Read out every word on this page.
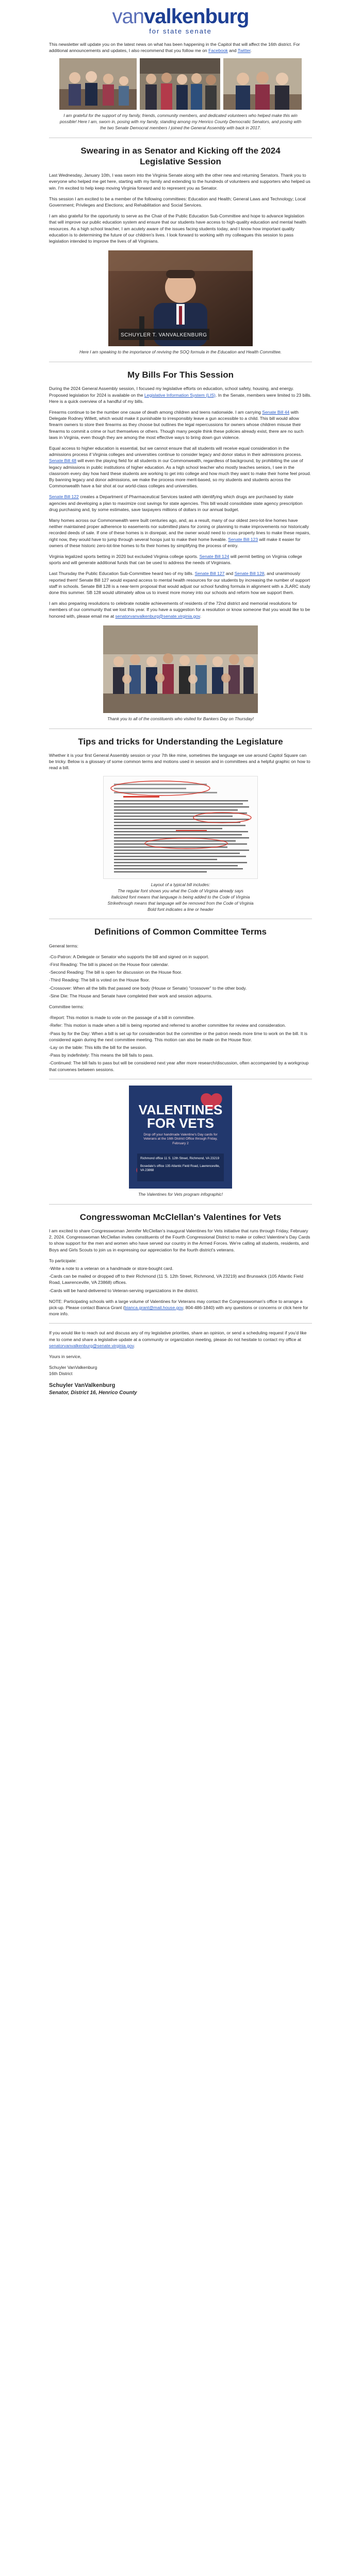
vanvalkenburg
for state senate

This newsletter will update you on the latest news on what has been happening in the Capitol that will affect the 16th district. For additional announcements and updates, I also recommend that you follow me on Facebook and Twitter.

I am grateful for the support of my family, friends, community members, and dedicated volunteers who helped make this win possible! Here I am, sworn in, posing with my family, standing among my Henrico County Democratic Senators, and posing with the two Senate Democrat members I joined the General Assembly with back in 2017.

Swearing in as Senator and Kicking off the 2024 Legislative Session

Last Wednesday, January 10th, I was sworn into the Virginia Senate along with the other new and returning Senators. Thank you to everyone who helped me get here, starting with my family and extending to the hundreds of volunteers and supporters who helped us win. I'm excited to help keep moving Virginia forward and to represent you as Senator.

This session I am excited to be a member of the following committees: Education and Health; General Laws and Technology; Local Government; Privileges and Elections; and Rehabilitation and Social Services.

I am also grateful for the opportunity to serve as the Chair of the Public Education Sub-Committee and hope to advance legislation that will improve our public education system and ensure that our students have access to high-quality education and mental health resources. As a high school teacher, I am acutely aware of the issues facing students today, and I know how important quality education is to determining the future of our children's lives. I look forward to working with my colleagues this session to pass legislation intended to improve the lives of all Virginians.

SCHUYLER T. VANVALKENBURG

Here I am speaking to the importance of reviving the SOQ formula in the Education and Health Committee.

My Bills For This Session

During the 2024 General Assembly session, I focused my legislative efforts on education, school safety, housing, and energy. Proposed legislation for 2024 is available on the Legislative Information System (LIS). In the Senate, members were limited to 23 bills. Here is a quick overview of a handful of my bills.

Firearms continue to be the number one cause of death among children and teens nationwide. I am carrying Senate Bill 44 with Delegate Rodney Willett, which would make it punishable to irresponsibly leave a gun accessible to a child. This bill would allow firearm owners to store their firearms as they choose but outlines the legal repercussions for owners whose children misuse their firearms to commit a crime or hurt themselves or others. Though many people think these policies already exist, there are no such laws in Virginia, even though they are among the most effective ways to bring down gun violence.

Equal access to higher education is essential, but we cannot ensure that all students will receive equal consideration in the admissions process if Virginia colleges and universities continue to consider legacy and donor status in their admissions process. Senate Bill 48 will even the playing field for all students in our Commonwealth, regardless of background, by prohibiting the use of legacy admissions in public institutions of higher education. As a high school teacher who mostly teaches seniors, I see in the classroom every day how hard these students are working to get into college and how much they want to make their home feel proud. By banning legacy and donor admissions, we make the process more merit-based, so my students and students across the Commonwealth have a fair shot at our world-class colleges and universities.

Senate Bill 122 creates a Department of Pharmaceutical Services tasked with identifying which drugs are purchased by state agencies and developing a plan to maximize cost savings for state agencies. This bill would consolidate state agency prescription drug purchasing and, by some estimates, save taxpayers millions of dollars in our annual budget.

Many homes across our Commonwealth were built centuries ago, and, as a result, many of our oldest zero-lot-line homes have neither maintained proper adherence to easements nor submitted plans for zoning or planning to make improvements nor historically recorded deeds of sale. If one of these homes is in disrepair, and the owner would need to cross property lines to make these repairs, right now, they would have to jump through several hoops just to make their home liveable. Senate Bill 123 will make it easier for owners of these historic zero-lot-line homes to fix their homes by simplifying the process of entry.

Virginia legalized sports betting in 2020 but excluded Virginia college sports. Senate Bill 124 will permit betting on Virginia college sports and will generate additional funds that can be used to address the needs of Virginians.

Last Thursday the Public Education Sub-Committee heard two of my bills. Senate Bill 127 and Senate Bill 128, and unanimously reported them! Senate Bill 127 would expand access to mental health resources for our students by increasing the number of support staff in schools. Senate Bill 128 is a near-term proposal that would adjust our school funding formula in alignment with a JLARC study done this summer. SB 128 would ultimately allow us to invest more money into our schools and reform how we support them.

I am also preparing resolutions to celebrate notable achievements of residents of the 72nd district and memorial resolutions for members of our community that we lost this year. If you have a suggestion for a resolution or know someone that you would like to be honored with, please email me at senatorvanvalkenburg@senate.virginia.gov.

Thank you to all of the constituents who visited for Bankers Day on Thursday!

Tips and tricks for Understanding the Legislature

Whether it is your first General Assembly session or your 7th like mine, sometimes the language we use around Capitol Square can be tricky. Below is a glossary of some common terms and motions used in session and in committees and a helpful graphic on how to read a bill.

Layout of a typical bill includes:
The regular font shows you what the Code of Virginia already says
Italicized font means that language is being added to the Code of Virginia
Strikethrough means that language will be removed from the Code of Virginia
Bold font indicates a line or header
Definitions of Common Committee Terms

General terms:

-Co-Patron: A Delegate or Senator who supports the bill and signed on in support.

-First Reading: The bill is placed on the House floor calendar.

-Second Reading: The bill is open for discussion on the House floor.

-Third Reading: The bill is voted on the House floor.

-Crossover: When all the bills that passed one body (House or Senate) "crossover" to the other body.

-Sine Die: The House and Senate have completed their work and session adjourns.

Committee terms:

-Report: This motion is made to vote on the passage of a bill in committee.

-Refer: This motion is made when a bill is being reported and referred to another committee for review and consideration.

-Pass by for the Day: When a bill is set up for consideration but the committee or the patron needs more time to work on the bill. It is considered again during the next committee meeting. This motion can also be made on the House floor.

-Lay on the table: This kills the bill for the session.

-Pass by indefinitely: This means the bill fails to pass.

-Continued: The bill fails to pass but will be considered next year after more research/discussion, often accompanied by a workgroup that convenes between sessions.

VALENTINES
FOR VETS
Drop off your handmade Valentine's Day cards for Veterans at the 16th District Office through Friday, February 2
Richmond office 11 S. 12th Street, Richmond, VA 23219
Bosedale's office 135 Atlantic Field Road, Lawrenceville, VA 23868

The Valentines for Vets program infographic!

Congresswoman McClellan's Valentines for Vets

I am excited to share Congresswoman Jennifer McClellan's inaugural Valentines for Vets initiative that runs through Friday, February 2, 2024. Congresswoman McClellan invites constituents of the Fourth Congressional District to make or collect Valentine's Day Cards to show support for the men and women who have served our country in the Armed Forces. We're calling all students, residents, and Boys and Girls Scouts to join us in expressing our appreciation for the fourth district's veterans.

To participate:

-Write a note to a veteran on a handmade or store-bought card.

-Cards can be mailed or dropped off to their Richmond (11 S. 12th Street, Richmond, VA 23219) and Brunswick (105 Atlantic Field Road, Lawrenceville, VA 23868) offices.

-Cards will be hand-delivered to Veteran-serving organizations in the district.

NOTE: Participating schools with a large volume of Valentines for Veterans may contact the Congresswoman's office to arrange a pick-up. Please contact Bianca Grant (bianca.grant@mail.house.gov, 804-486-1840) with any questions or concerns or click here for more info.

If you would like to reach out and discuss any of my legislative priorities, share an opinion, or send a scheduling request if you'd like me to come and share a legislative update at a community or organization meeting, please do not hesitate to contact my office at senatorvanvalkenburg@senate.virginia.gov.

Yours in service,

Schuyler VanValkenburg
16th District
Schuyler VanValkenburg
Senator, District 16, Henrico County
